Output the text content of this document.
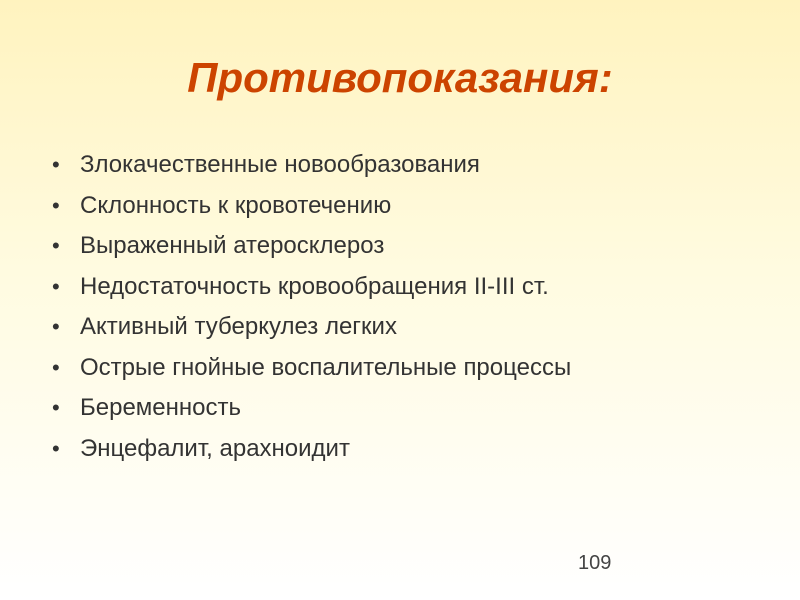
Противопоказания:
• Злокачественные новообразования
• Склонность к кровотечению
• Выраженный атеросклероз
• Недостаточность кровообращения II-III ст.
• Активный туберкулез легких
• Острые гнойные воспалительные процессы
• Беременность
• Энцефалит, арахноидит
109
